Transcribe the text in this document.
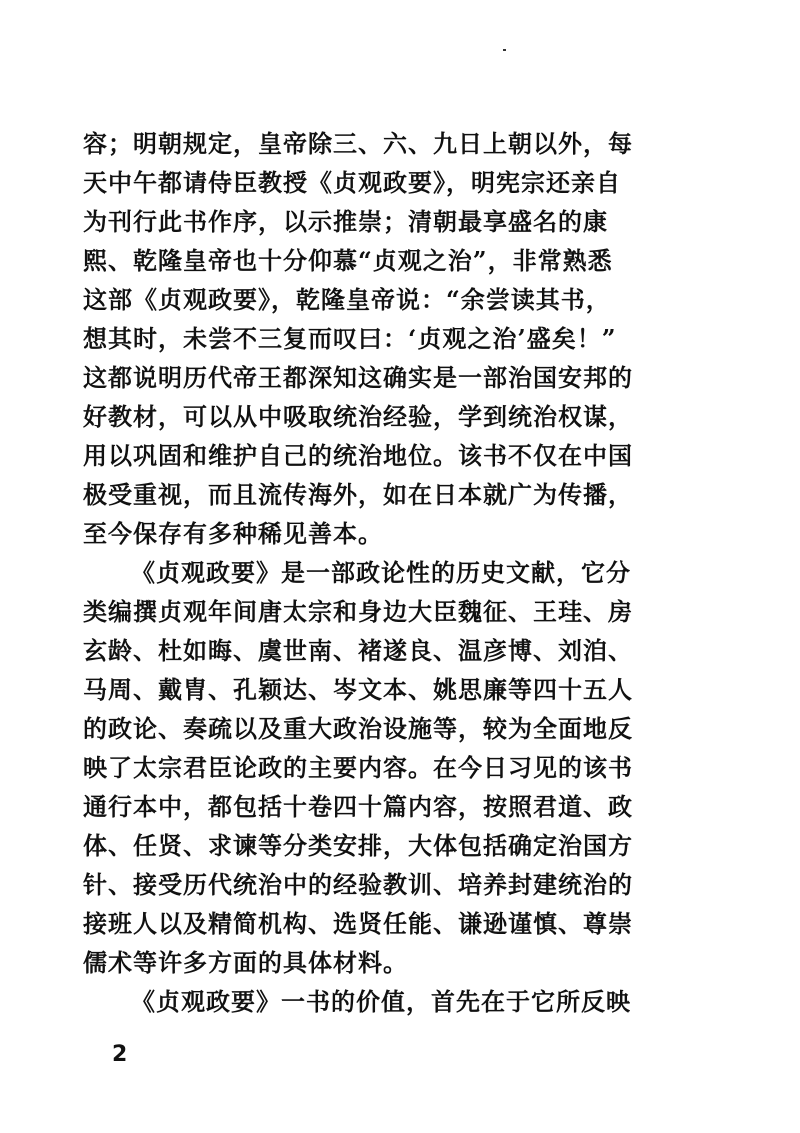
容；明朝规定，皇帝除三、六、九日上朝以外，每
天中午都请侍臣教授《贞观政要》，明宪宗还亲自
为刊行此书作序，以示推崇；清朝最享盛名的康
熙、乾隆皇帝也十分仰慕“贞观之治”，非常熟悉
这部《贞观政要》，乾隆皇帝说：“余尝读其书，
想其时，未尝不三复而叹曰：‘贞观之治’盛矣！”
这都说明历代帝王都深知这确实是一部治国安邦的
好教材，可以从中吸取统治经验，学到统治权谋，
用以巩固和维护自己的统治地位。该书不仅在中国
极受重视，而且流传海外，如在日本就广为传播，
至今保存有多种稀见善本。
《贞观政要》是一部政论性的历史文献，它分
类编撰贞观年间唐太宗和身边大臣魏征、王珪、房
玄龄、杜如晦、虞世南、褚遂良、温彦博、刘洎、
马周、戴胄、孔颖达、岑文本、姚思廉等四十五人
的政论、奏疏以及重大政治设施等，较为全面地反
映了太宗君臣论政的主要内容。在今日习见的该书
通行本中，都包括十卷四十篇内容，按照君道、政
体、任贤、求谏等分类安排，大体包括确定治国方
针、接受历代统治中的经验教训、培养封建统治的
接班人以及精简机构、选贤任能、谦逊谨慎、尊崇
儒术等许多方面的具体材料。
《贞观政要》一书的价值，首先在于它所反映
2
